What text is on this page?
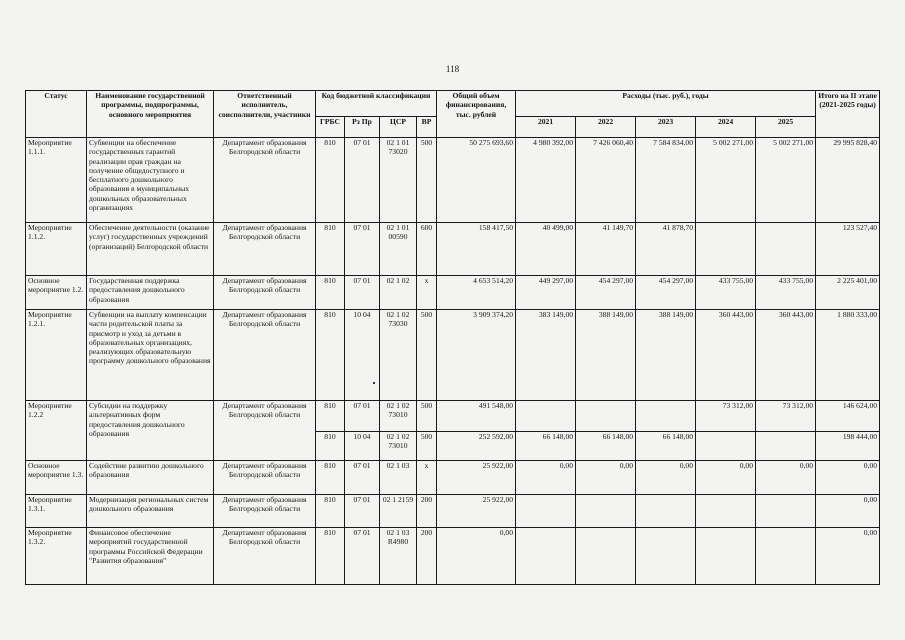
118
Статус	Наименование государственной программы, подпрограммы, основного мероприятия	Ответственный исполнитель, соисполнители, участники	Код бюджетной классификации				Общий объем финансирования, тыс. рублей	Расходы (тыс. руб.), годы					Итого на II этапе (2021-2025 годы)
			ГРБС	Рз Пр	ЦСР	ВР		2021	2022	2023	2024	2025	
Мероприятие 1.1.1.	Субвенции на обеспечение государственных гарантий реализации прав граждан на получение общедоступного и бесплатного дошкольного образования в муниципальных дошкольных образовательных организациях	Департамент образования Белгородской области	810	07 01	02 1 01 73020	500	50 275 693,60	4 980 392,00	7 426 060,40	7 584 834,00	5 002 271,00	5 002 271,00	29 995 828,40
Мероприятие 1.1.2.	Обеспечение деятельности (оказание услуг) государственных учреждений (организаций) Белгородской области	Департамент образования Белгородской области	810	07 01	02 1 01 00590	600	158 417,50	40 499,00	41 149,70	41 878,70			123 527,40
Основное мероприятие 1.2.	Государственная поддержка предоставления дошкольного образования	Департамент образования Белгородской области	810	07 01	02 1 02	x	4 653 514,20	449 297,00	454 297,00	454 297,00	433 755,00	433 755,00	2 225 401,00
Мероприятие 1.2.1.	Субвенции на выплату компенсации части родительской платы за присмотр и уход за детьми в образовательных организациях, реализующих образовательную программу дошкольного образования	Департамент образования Белгородской области	810	10 04	02 1 02 73030	500	3 909 374,20	383 149,00	388 149,00	388 149,00	360 443,00	360 443,00	1 880 333,00
Мероприятие 1.2.2	Субсидии на поддержку альтернативных форм предоставления дошкольного образования	Департамент образования Белгородской области	810	07 01	02 1 02 73010	500	491 548,00				73 312,00	73 312,00	146 624,00
			810	10 04	02 1 02 73010	500	252 592,00	66 148,00	66 148,00	66 148,00			198 444,00
Основное мероприятие 1.3.	Содействие развитию дошкольного образования	Департамент образования Белгородской области	810	07 01	02 1 03	x	25 922,00	0,00	0,00	0,00	0,00	0,00	0,00
Мероприятие 1.3.1.	Модернизация региональных систем дошкольного образования	Департамент образования Белгородской области	810	07 01	02 1 2159	200	25 922,00						0,00
Мероприятие 1.3.2.	Финансовое обеспечение мероприятий государственной программы Российской Федерации "Развития образования"	Департамент образования Белгородской области	810	07 01	02 1 03 R4980	200	0,00						0,00
